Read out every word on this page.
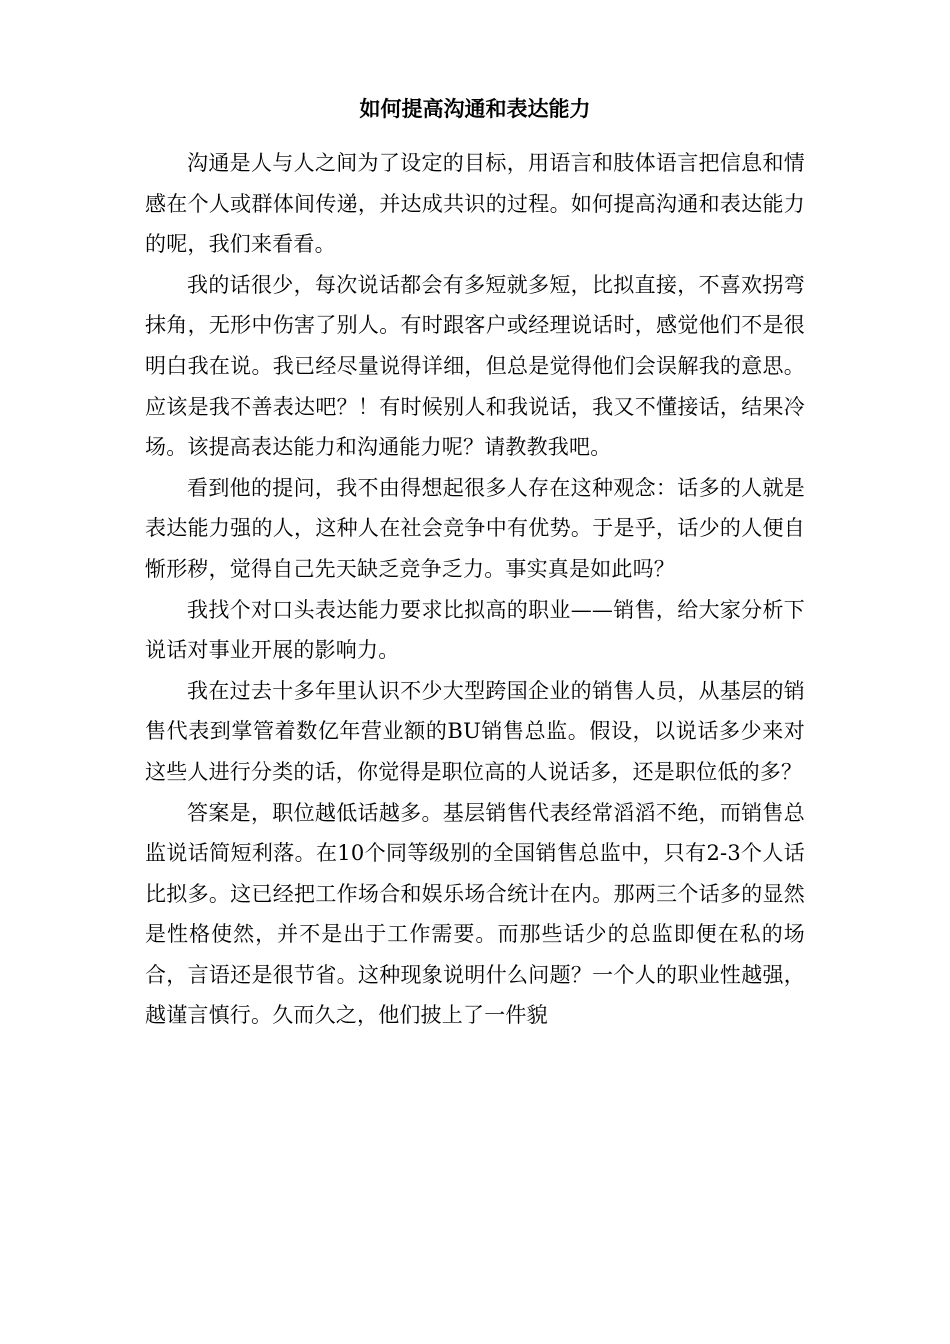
如何提高沟通和表达能力

沟通是人与人之间为了设定的目标，用语言和肢体语言把信息和情感在个人或群体间传递，并达成共识的过程。如何提高沟通和表达能力的呢，我们来看看。

我的话很少，每次说话都会有多短就多短，比拟直接，不喜欢拐弯抹角，无形中伤害了别人。有时跟客户或经理说话时，感觉他们不是很明白我在说。我已经尽量说得详细，但总是觉得他们会误解我的意思。应该是我不善表达吧？！有时候别人和我说话，我又不懂接话，结果冷场。该提高表达能力和沟通能力呢？请教教我吧。

看到他的提问，我不由得想起很多人存在这种观念：话多的人就是表达能力强的人，这种人在社会竞争中有优势。于是乎，话少的人便自惭形秽，觉得自己先天缺乏竞争乏力。事实真是如此吗？

我找个对口头表达能力要求比拟高的职业——销售，给大家分析下说话对事业开展的影响力。

我在过去十多年里认识不少大型跨国企业的销售人员，从基层的销售代表到掌管着数亿年营业额的BU销售总监。假设，以说话多少来对这些人进行分类的话，你觉得是职位高的人说话多，还是职位低的多？

答案是，职位越低话越多。基层销售代表经常滔滔不绝，而销售总监说话简短利落。在10个同等级别的全国销售总监中，只有2-3个人话比拟多。这已经把工作场合和娱乐场合统计在内。那两三个话多的显然是性格使然，并不是出于工作需要。而那些话少的总监即便在私的场合，言语还是很节省。这种现象说明什么问题？一个人的职业性越强，越谨言慎行。久而久之，他们披上了一件貌
